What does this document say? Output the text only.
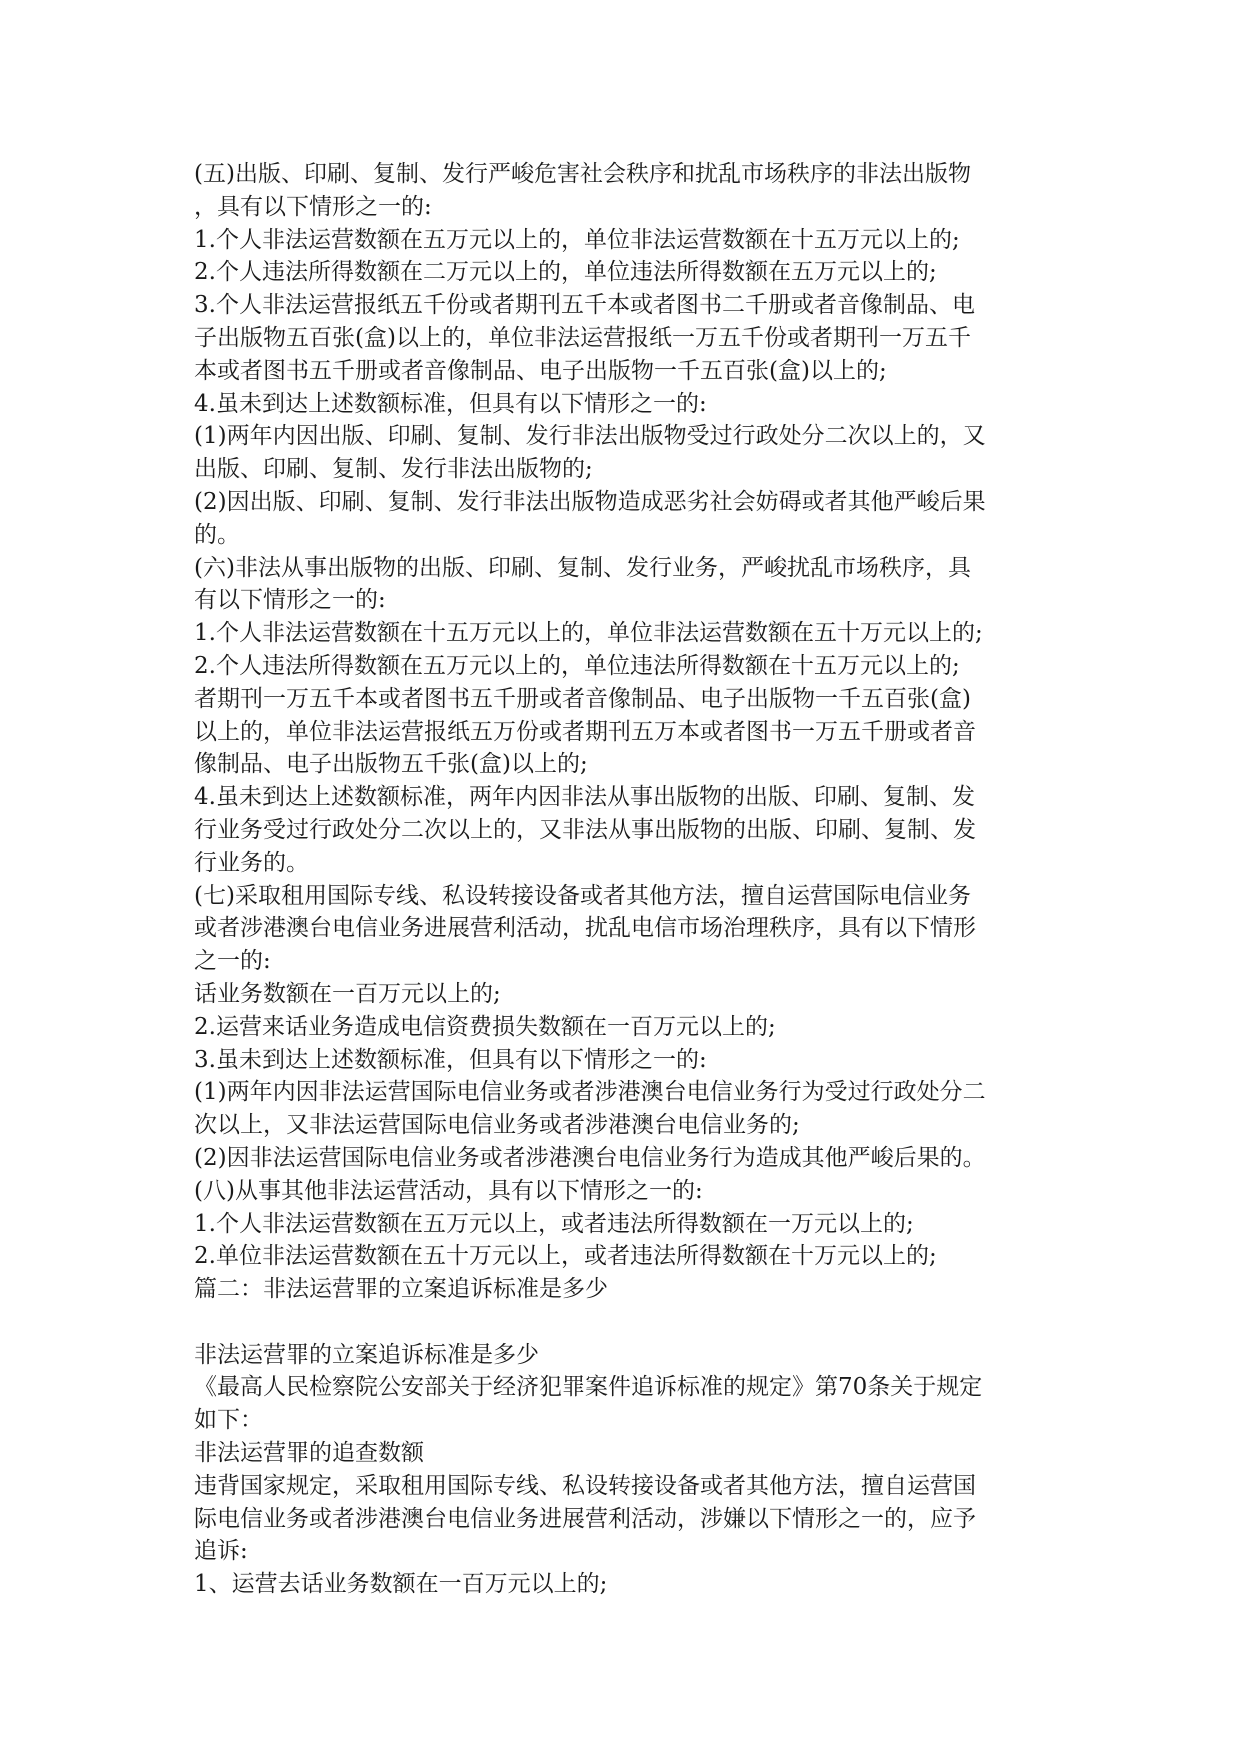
(五)出版、印刷、复制、发行严峻危害社会秩序和扰乱市场秩序的非法出版物
，具有以下情形之一的:
1.个人非法运营数额在五万元以上的，单位非法运营数额在十五万元以上的;
2.个人违法所得数额在二万元以上的，单位违法所得数额在五万元以上的;
3.个人非法运营报纸五千份或者期刊五千本或者图书二千册或者音像制品、电
子出版物五百张(盒)以上的，单位非法运营报纸一万五千份或者期刊一万五千
本或者图书五千册或者音像制品、电子出版物一千五百张(盒)以上的;
4.虽未到达上述数额标准，但具有以下情形之一的:
(1)两年内因出版、印刷、复制、发行非法出版物受过行政处分二次以上的，又
出版、印刷、复制、发行非法出版物的;
(2)因出版、印刷、复制、发行非法出版物造成恶劣社会妨碍或者其他严峻后果
的。
(六)非法从事出版物的出版、印刷、复制、发行业务，严峻扰乱市场秩序，具
有以下情形之一的:
1.个人非法运营数额在十五万元以上的，单位非法运营数额在五十万元以上的;
2.个人违法所得数额在五万元以上的，单位违法所得数额在十五万元以上的;
者期刊一万五千本或者图书五千册或者音像制品、电子出版物一千五百张(盒)
以上的，单位非法运营报纸五万份或者期刊五万本或者图书一万五千册或者音
像制品、电子出版物五千张(盒)以上的;
4.虽未到达上述数额标准，两年内因非法从事出版物的出版、印刷、复制、发
行业务受过行政处分二次以上的，又非法从事出版物的出版、印刷、复制、发
行业务的。
(七)采取租用国际专线、私设转接设备或者其他方法，擅自运营国际电信业务
或者涉港澳台电信业务进展营利活动，扰乱电信市场治理秩序，具有以下情形
之一的:
话业务数额在一百万元以上的;
2.运营来话业务造成电信资费损失数额在一百万元以上的;
3.虽未到达上述数额标准，但具有以下情形之一的:
(1)两年内因非法运营国际电信业务或者涉港澳台电信业务行为受过行政处分二
次以上，又非法运营国际电信业务或者涉港澳台电信业务的;
(2)因非法运营国际电信业务或者涉港澳台电信业务行为造成其他严峻后果的。
(八)从事其他非法运营活动，具有以下情形之一的:
1.个人非法运营数额在五万元以上，或者违法所得数额在一万元以上的;
2.单位非法运营数额在五十万元以上，或者违法所得数额在十万元以上的;
篇二：非法运营罪的立案追诉标准是多少
非法运营罪的立案追诉标准是多少
《最高人民检察院公安部关于经济犯罪案件追诉标准的规定》第70条关于规定
如下：
非法运营罪的追查数额
违背国家规定，采取租用国际专线、私设转接设备或者其他方法，擅自运营国
际电信业务或者涉港澳台电信业务进展营利活动，涉嫌以下情形之一的，应予
追诉:
1、运营去话业务数额在一百万元以上的;
